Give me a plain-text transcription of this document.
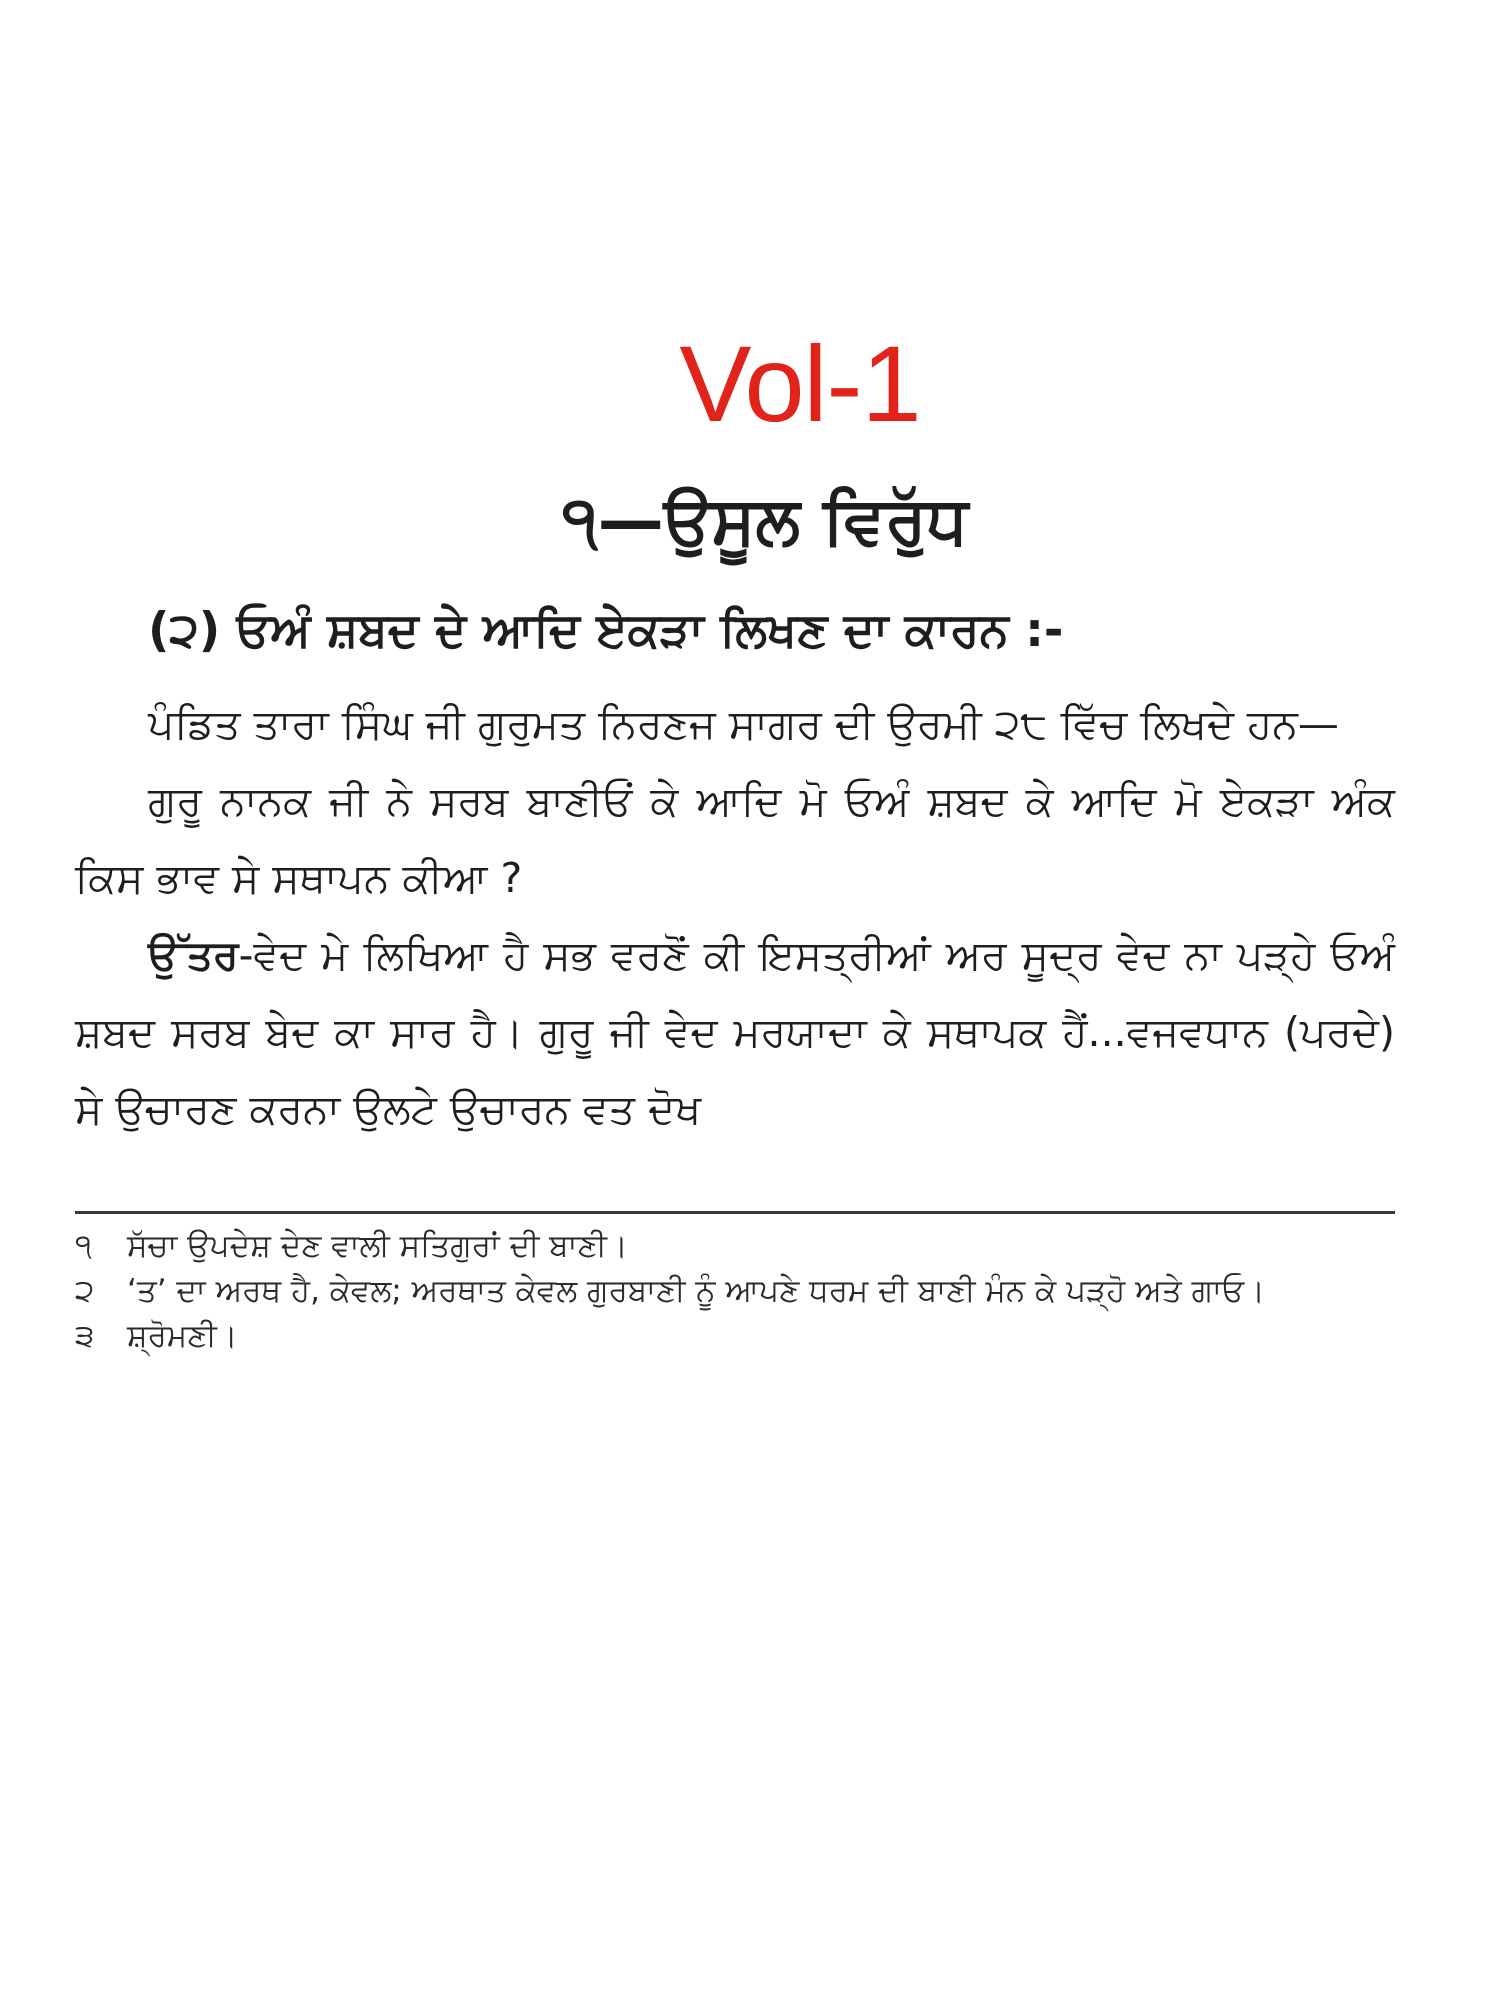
Vol-1
੧—ਉਸੂਲ ਵਿਰੁੱਧ
(੨) ਓਅੰ ਸ਼ਬਦ ਦੇ ਆਦਿ ਏਕੜਾ ਲਿਖਣ ਦਾ ਕਾਰਨ :-

ਪੰਡਿਤ ਤਾਰਾ ਸਿੰਘ ਜੀ ਗੁਰੁਮਤ ਨਿਰਣਜ ਸਾਗਰ ਦੀ ਉਰਮੀ ੨੮ ਵਿੱਚ ਲਿਖਦੇ ਹਨ—

ਗੁਰੂ ਨਾਨਕ ਜੀ ਨੇ ਸਰਬ ਬਾਣੀਓਂ ਕੇ ਆਦਿ ਮੋ ਓਅੰ ਸ਼ਬਦ ਕੇ ਆਦਿ ਮੋ ਏਕੜਾ ਅੰਕ ਕਿਸ ਭਾਵ ਸੇ ਸਥਾਪਨ ਕੀਆ ?

ਉੱਤਰ-ਵੇਦ ਮੇ ਲਿਖਿਆ ਹੈ ਸਭ ਵਰਣੋਂ ਕੀ ਇਸਤ੍ਰੀਆਂ ਅਰ ਸੂਦ੍ਰ ਵੇਦ ਨਾ ਪੜ੍ਹੇ ਓਅੰ ਸ਼ਬਦ ਸਰਬ ਬੇਦ ਕਾ ਸਾਰ ਹੈ। ਗੁਰੂ ਜੀ ਵੇਦ ਮਰਯਾਦਾ ਕੇ ਸਥਾਪਕ ਹੈਂ...ਵਜਵਧਾਨ (ਪਰਦੇ) ਸੇ ਉਚਾਰਣ ਕਰਨਾ ਉਲਟੇ ਉਚਾਰਨ ਵਤ ਦੋਖ

੧	ਸੱਚਾ ਉਪਦੇਸ਼ ਦੇਣ ਵਾਲੀ ਸਤਿਗੁਰਾਂ ਦੀ ਬਾਣੀ।
੨	‘ਤ’ ਦਾ ਅਰਥ ਹੈ, ਕੇਵਲ; ਅਰਥਾਤ ਕੇਵਲ ਗੁਰਬਾਣੀ ਨੂੰ ਆਪਣੇ ਧਰਮ ਦੀ ਬਾਣੀ ਮੰਨ ਕੇ ਪੜ੍ਹੋ ਅਤੇ ਗਾਓ।
੩	ਸ਼੍ਰੋਮਣੀ।
